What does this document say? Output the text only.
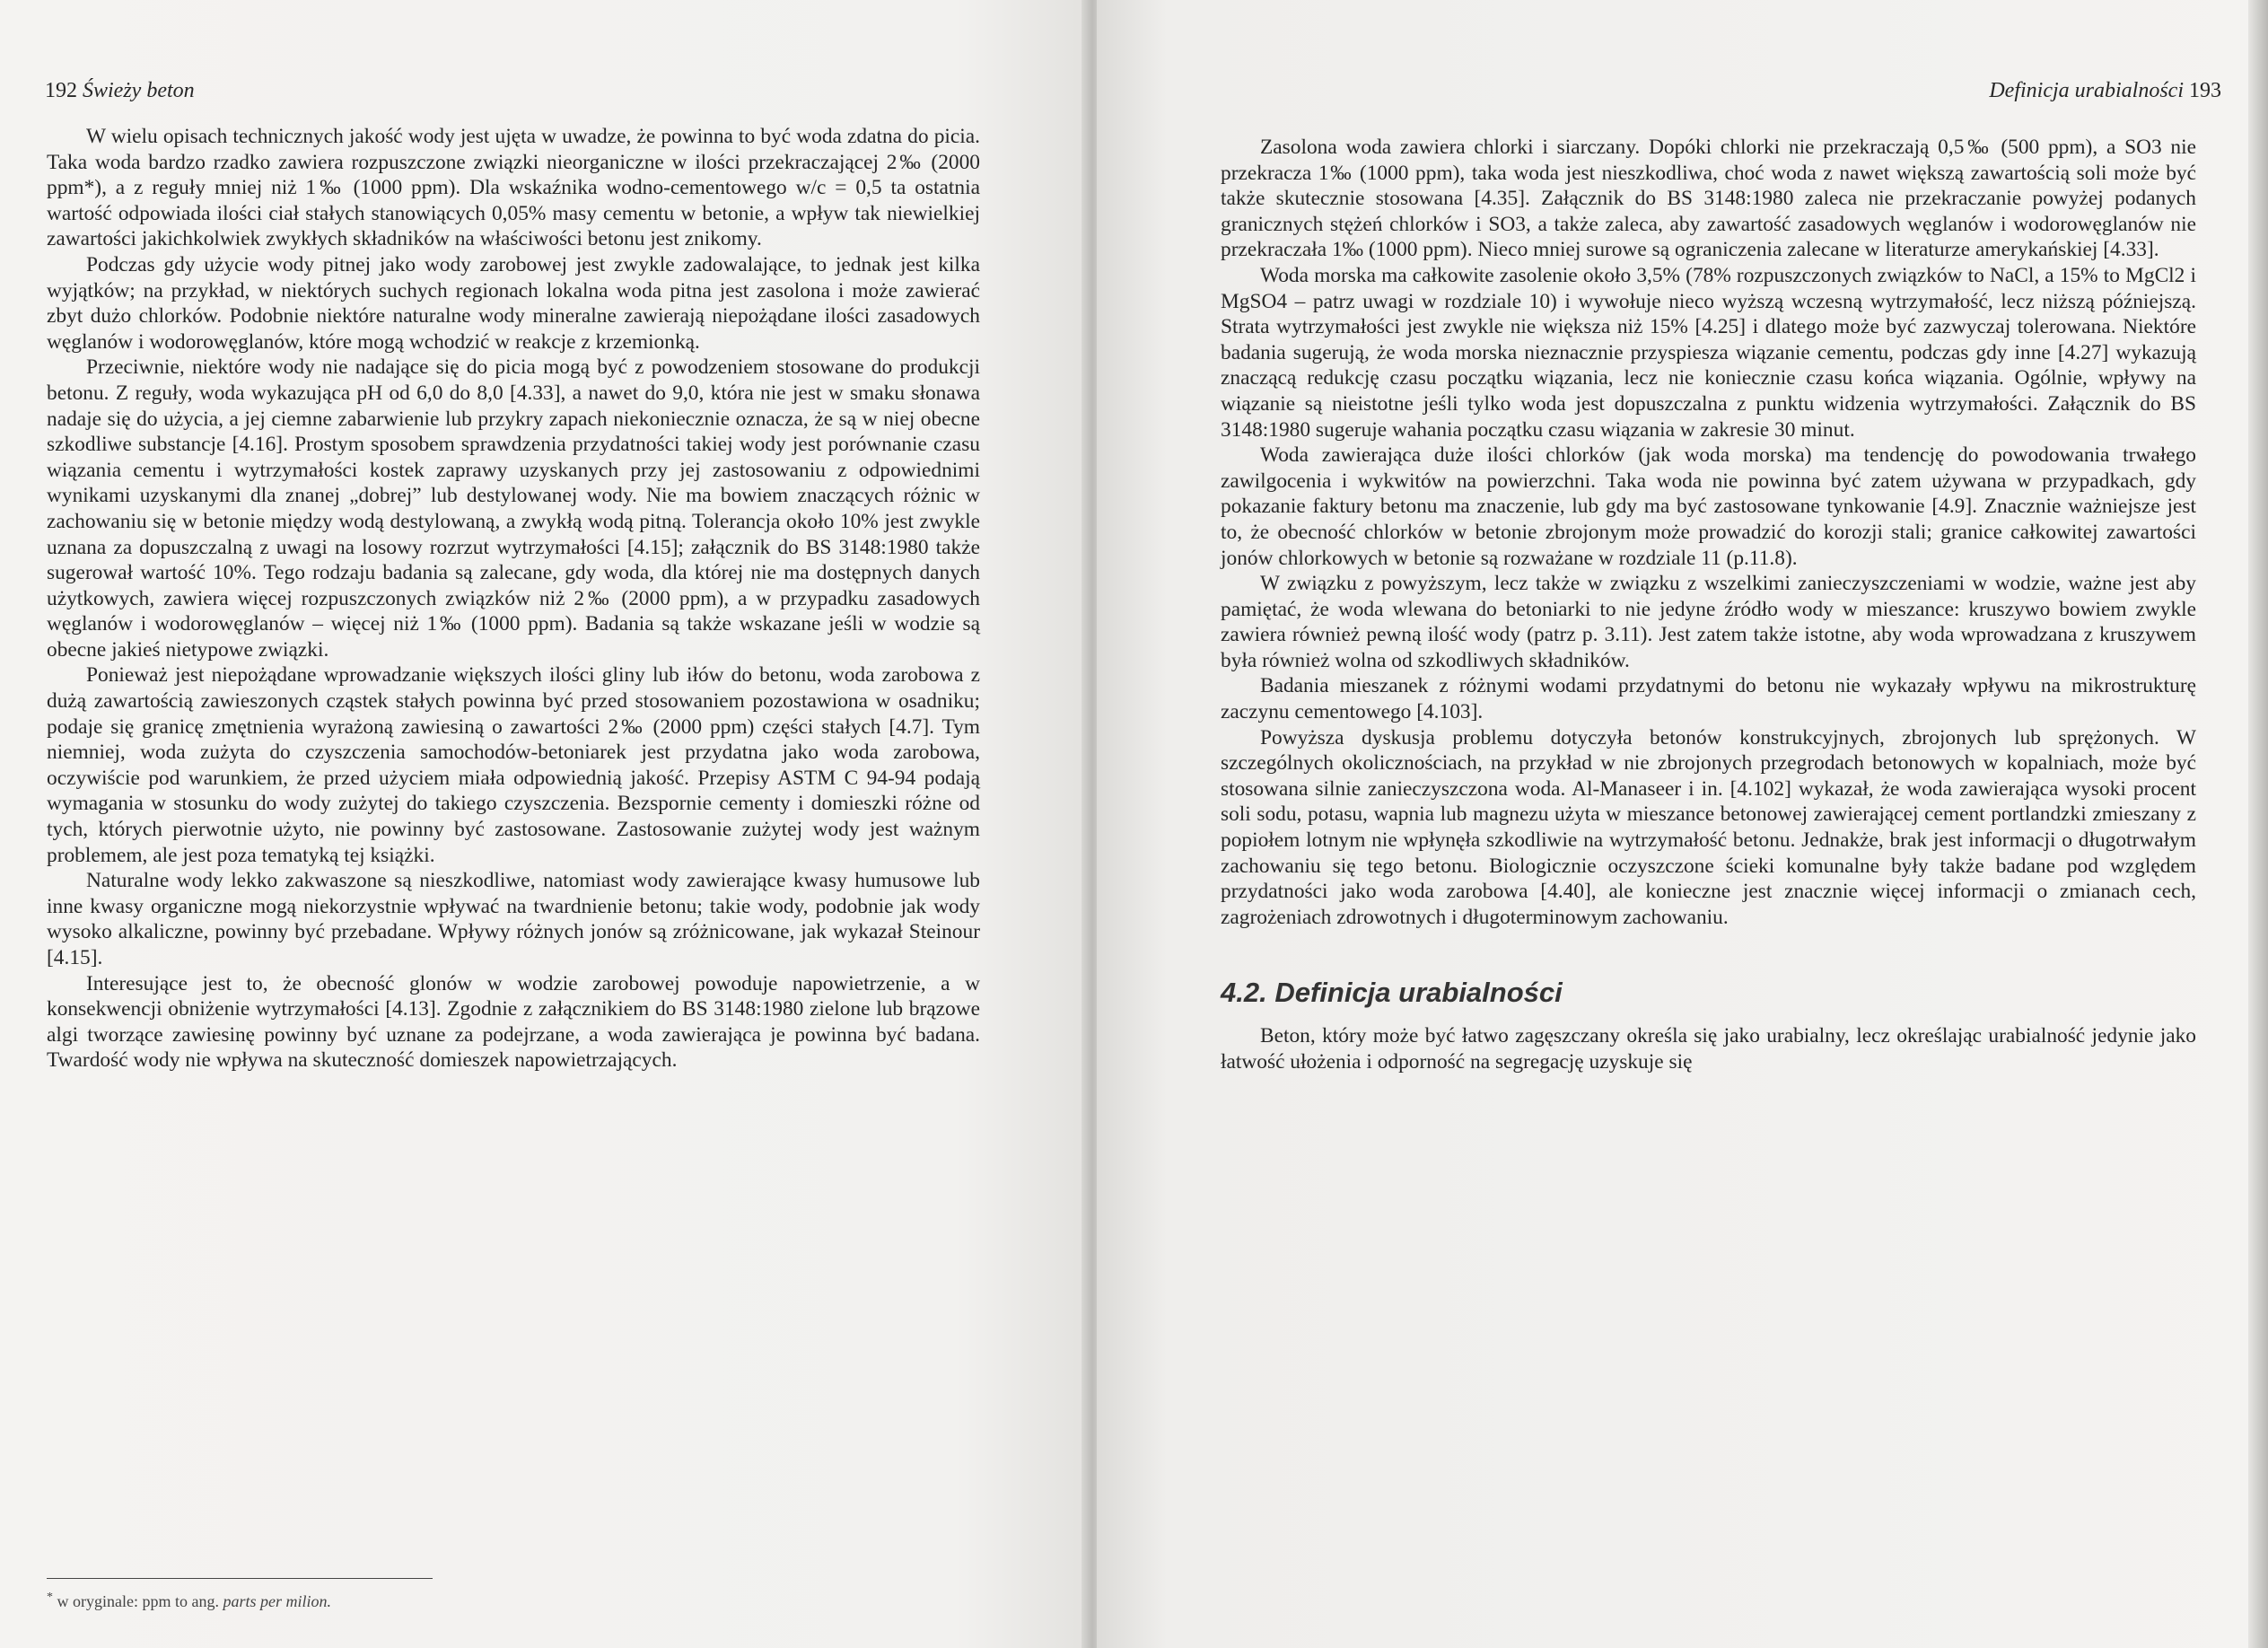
192 Świeży beton

W wielu opisach technicznych jakość wody jest ujęta w uwadze, że powinna to być woda zdatna do picia. Taka woda bardzo rzadko zawiera rozpuszczone związki nieorganiczne w ilości przekraczającej 2‰ (2000 ppm*), a z reguły mniej niż 1‰ (1000 ppm). Dla wskaźnika wodno-cementowego w/c = 0,5 ta ostatnia wartość odpowiada ilości ciał stałych stanowiących 0,05% masy cementu w betonie, a wpływ tak niewielkiej zawartości jakichkolwiek zwykłych składników na właściwości betonu jest znikomy.

Podczas gdy użycie wody pitnej jako wody zarobowej jest zwykle zadowalające, to jednak jest kilka wyjątków; na przykład, w niektórych suchych regionach lokalna woda pitna jest zasolona i może zawierać zbyt dużo chlorków. Podobnie niektóre naturalne wody mineralne zawierają niepożądane ilości zasadowych węglanów i wodorowęglanów, które mogą wchodzić w reakcje z krzemionką.

Przeciwnie, niektóre wody nie nadające się do picia mogą być z powodzeniem stosowane do produkcji betonu. Z reguły, woda wykazująca pH od 6,0 do 8,0 [4.33], a nawet do 9,0, która nie jest w smaku słonawa nadaje się do użycia, a jej ciemne zabarwienie lub przykry zapach niekoniecznie oznacza, że są w niej obecne szkodliwe substancje [4.16]. Prostym sposobem sprawdzenia przydatności takiej wody jest porównanie czasu wiązania cementu i wytrzymałości kostek zaprawy uzyskanych przy jej zastosowaniu z odpowiednimi wynikami uzyskanymi dla znanej „dobrej” lub destylowanej wody. Nie ma bowiem znaczących różnic w zachowaniu się w betonie między wodą destylowaną, a zwykłą wodą pitną. Tolerancja około 10% jest zwykle uznana za dopuszczalną z uwagi na losowy rozrzut wytrzymałości [4.15]; załącznik do BS 3148:1980 także sugerował wartość 10%. Tego rodzaju badania są zalecane, gdy woda, dla której nie ma dostępnych danych użytkowych, zawiera więcej rozpuszczonych związków niż 2‰ (2000 ppm), a w przypadku zasadowych węglanów i wodorowęglanów – więcej niż 1‰ (1000 ppm). Badania są także wskazane jeśli w wodzie są obecne jakieś nietypowe związki.

Ponieważ jest niepożądane wprowadzanie większych ilości gliny lub iłów do betonu, woda zarobowa z dużą zawartością zawieszonych cząstek stałych powinna być przed stosowaniem pozostawiona w osadniku; podaje się granicę zmętnienia wyrażoną zawiesiną o zawartości 2‰ (2000 ppm) części stałych [4.7]. Tym niemniej, woda zużyta do czyszczenia samochodów-betoniarek jest przydatna jako woda zarobowa, oczywiście pod warunkiem, że przed użyciem miała odpowiednią jakość. Przepisy ASTM C 94-94 podają wymagania w stosunku do wody zużytej do takiego czyszczenia. Bezspornie cementy i domieszki różne od tych, których pierwotnie użyto, nie powinny być zastosowane. Zastosowanie zużytej wody jest ważnym problemem, ale jest poza tematyką tej książki.

Naturalne wody lekko zakwaszone są nieszkodliwe, natomiast wody zawierające kwasy humusowe lub inne kwasy organiczne mogą niekorzystnie wpływać na twardnienie betonu; takie wody, podobnie jak wody wysoko alkaliczne, powinny być przebadane. Wpływy różnych jonów są zróżnicowane, jak wykazał Steinour [4.15].

Interesujące jest to, że obecność glonów w wodzie zarobowej powoduje napowietrzenie, a w konsekwencji obniżenie wytrzymałości [4.13]. Zgodnie z załącznikiem do BS 3148:1980 zielone lub brązowe algi tworzące zawiesinę powinny być uznane za podejrzane, a woda zawierająca je powinna być badana. Twardość wody nie wpływa na skuteczność domieszek napowietrzających.

* w oryginale: ppm to ang. parts per milion.
Definicja urabialności 193

Zasolona woda zawiera chlorki i siarczany. Dopóki chlorki nie przekraczają 0,5‰ (500 ppm), a SO3 nie przekracza 1‰ (1000 ppm), taka woda jest nieszkodliwa, choć woda z nawet większą zawartością soli może być także skutecznie stosowana [4.35]. Załącznik do BS 3148:1980 zaleca nie przekraczanie powyżej podanych granicznych stężeń chlorków i SO3, a także zaleca, aby zawartość zasadowych węglanów i wodorowęglanów nie przekraczała 1‰ (1000 ppm). Nieco mniej surowe są ograniczenia zalecane w literaturze amerykańskiej [4.33].

Woda morska ma całkowite zasolenie około 3,5% (78% rozpuszczonych związków to NaCl, a 15% to MgCl2 i MgSO4 – patrz uwagi w rozdziale 10) i wywołuje nieco wyższą wczesną wytrzymałość, lecz niższą późniejszą. Strata wytrzymałości jest zwykle nie większa niż 15% [4.25] i dlatego może być zazwyczaj tolerowana. Niektóre badania sugerują, że woda morska nieznacznie przyspiesza wiązanie cementu, podczas gdy inne [4.27] wykazują znaczącą redukcję czasu początku wiązania, lecz nie koniecznie czasu końca wiązania. Ogólnie, wpływy na wiązanie są nieistotne jeśli tylko woda jest dopuszczalna z punktu widzenia wytrzymałości. Załącznik do BS 3148:1980 sugeruje wahania początku czasu wiązania w zakresie 30 minut.

Woda zawierająca duże ilości chlorków (jak woda morska) ma tendencję do powodowania trwałego zawilgocenia i wykwitów na powierzchni. Taka woda nie powinna być zatem używana w przypadkach, gdy pokazanie faktury betonu ma znaczenie, lub gdy ma być zastosowane tynkowanie [4.9]. Znacznie ważniejsze jest to, że obecność chlorków w betonie zbrojonym może prowadzić do korozji stali; granice całkowitej zawartości jonów chlorkowych w betonie są rozważane w rozdziale 11 (p.11.8).

W związku z powyższym, lecz także w związku z wszelkimi zanieczyszczeniami w wodzie, ważne jest aby pamiętać, że woda wlewana do betoniarki to nie jedyne źródło wody w mieszance: kruszywo bowiem zwykle zawiera również pewną ilość wody (patrz p. 3.11). Jest zatem także istotne, aby woda wprowadzana z kruszywem była również wolna od szkodliwych składników.

Badania mieszanek z różnymi wodami przydatnymi do betonu nie wykazały wpływu na mikrostrukturę zaczynu cementowego [4.103].

Powyższa dyskusja problemu dotyczyła betonów konstrukcyjnych, zbrojonych lub sprężonych. W szczególnych okolicznościach, na przykład w nie zbrojonych przegrodach betonowych w kopalniach, może być stosowana silnie zanieczyszczona woda. Al-Manaseer i in. [4.102] wykazał, że woda zawierająca wysoki procent soli sodu, potasu, wapnia lub magnezu użyta w mieszance betonowej zawierającej cement portlandzki zmieszany z popiołem lotnym nie wpłynęła szkodliwie na wytrzymałość betonu. Jednakże, brak jest informacji o długotrwałym zachowaniu się tego betonu. Biologicznie oczyszczone ścieki komunalne były także badane pod względem przydatności jako woda zarobowa [4.40], ale konieczne jest znacznie więcej informacji o zmianach cech, zagrożeniach zdrowotnych i długoterminowym zachowaniu.

4.2. Definicja urabialności

Beton, który może być łatwo zagęszczany określa się jako urabialny, lecz określając urabialność jedynie jako łatwość ułożenia i odporność na segregację uzyskuje się
